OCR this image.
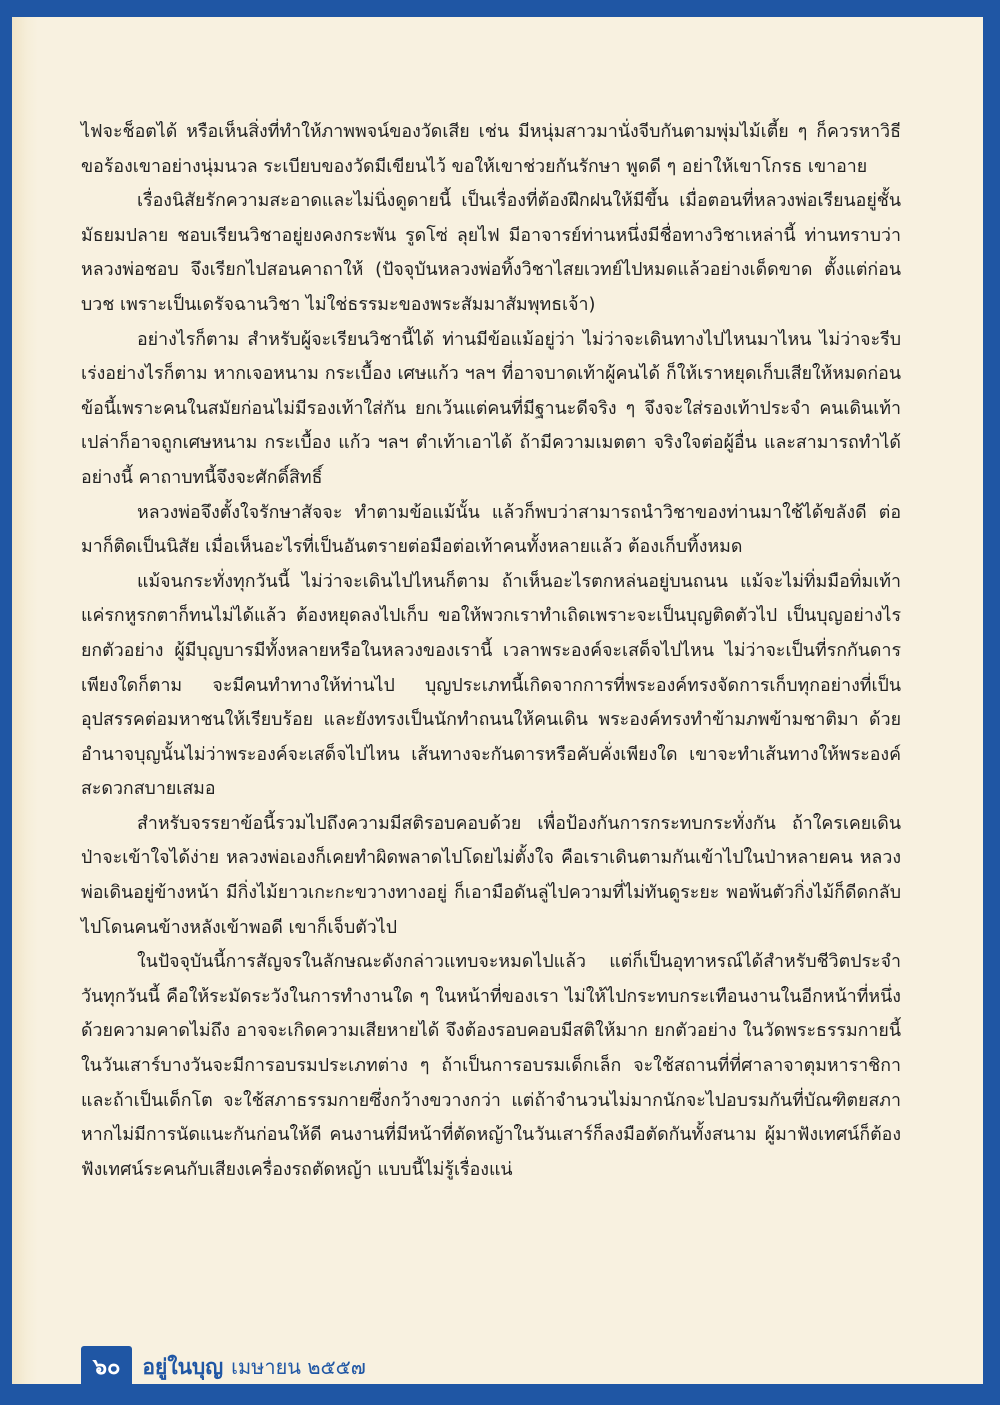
ไฟจะช็อตได้ หรือเห็นสิ่งที่ทำให้ภาพพจน์ของวัดเสีย เช่น มีหนุ่มสาวมานั่งจีบกันตามพุ่มไม้เตี้ย ๆ ก็ควรหาวิธีขอร้องเขาอย่างนุ่มนวล ระเบียบของวัดมีเขียนไว้ ขอให้เขาช่วยกันรักษา พูดดี ๆ อย่าให้เขาโกรธ เขาอาย

เรื่องนิสัยรักความสะอาดและไม่นิ่งดูดายนี้ เป็นเรื่องที่ต้องฝึกฝนให้มีขึ้น เมื่อตอนที่หลวงพ่อเรียนอยู่ชั้นมัธยมปลาย ชอบเรียนวิชาอยู่ยงคงกระพัน รูดโซ่ ลุยไฟ มีอาจารย์ท่านหนึ่งมีชื่อทางวิชาเหล่านี้ ท่านทราบว่าหลวงพ่อชอบ จึงเรียกไปสอนคาถาให้ (ปัจจุบันหลวงพ่อทิ้งวิชาไสยเวทย์ไปหมดแล้วอย่างเด็ดขาด ตั้งแต่ก่อนบวช เพราะเป็นเดรัจฉานวิชา ไม่ใช่ธรรมะของพระสัมมาสัมพุทธเจ้า)

อย่างไรก็ตาม สำหรับผู้จะเรียนวิชานี้ได้ ท่านมีข้อแม้อยู่ว่า ไม่ว่าจะเดินทางไปไหนมาไหน ไม่ว่าจะรีบเร่งอย่างไรก็ตาม หากเจอหนาม กระเบื้อง เศษแก้ว ฯลฯ ที่อาจบาดเท้าผู้คนได้ ก็ให้เราหยุดเก็บเสียให้หมดก่อน ข้อนี้เพราะคนในสมัยก่อนไม่มีรองเท้าใส่กัน ยกเว้นแต่คนที่มีฐานะดีจริง ๆ จึงจะใส่รองเท้าประจำ คนเดินเท้าเปล่าก็อาจถูกเศษหนาม กระเบื้อง แก้ว ฯลฯ ตำเท้าเอาได้ ถ้ามีความเมตตา จริงใจต่อผู้อื่น และสามารถทำได้อย่างนี้ คาถาบทนี้จึงจะศักดิ์สิทธิ์

หลวงพ่อจึงตั้งใจรักษาสัจจะ ทำตามข้อแม้นั้น แล้วก็พบว่าสามารถนำวิชาของท่านมาใช้ได้ขลังดี ต่อมาก็ติดเป็นนิสัย เมื่อเห็นอะไรที่เป็นอันตรายต่อมือต่อเท้าคนทั้งหลายแล้ว ต้องเก็บทิ้งหมด

แม้จนกระทั่งทุกวันนี้ ไม่ว่าจะเดินไปไหนก็ตาม ถ้าเห็นอะไรตกหล่นอยู่บนถนน แม้จะไม่ทิ่มมือทิ่มเท้า แค่รกหูรกตาก็ทนไม่ได้แล้ว ต้องหยุดลงไปเก็บ ขอให้พวกเราทำเถิดเพราะจะเป็นบุญติดตัวไป เป็นบุญอย่างไร ยกตัวอย่าง ผู้มีบุญบารมีทั้งหลายหรือในหลวงของเรานี้ เวลาพระองค์จะเสด็จไปไหน ไม่ว่าจะเป็นที่รกกันดารเพียงใดก็ตาม จะมีคนทำทางให้ท่านไป บุญประเภทนี้เกิดจากการที่พระองค์ทรงจัดการเก็บทุกอย่างที่เป็นอุปสรรคต่อมหาชนให้เรียบร้อย และยังทรงเป็นนักทำถนนให้คนเดิน พระองค์ทรงทำข้ามภพข้ามชาติมา ด้วยอำนาจบุญนั้นไม่ว่าพระองค์จะเสด็จไปไหน เส้นทางจะกันดารหรือคับคั่งเพียงใด เขาจะทำเส้นทางให้พระองค์สะดวกสบายเสมอ

สำหรับจรรยาข้อนี้รวมไปถึงความมีสติรอบคอบด้วย เพื่อป้องกันการกระทบกระทั่งกัน ถ้าใครเคยเดินป่าจะเข้าใจได้ง่าย หลวงพ่อเองก็เคยทำผิดพลาดไปโดยไม่ตั้งใจ คือเราเดินตามกันเข้าไปในป่าหลายคน หลวงพ่อเดินอยู่ข้างหน้า มีกิ่งไม้ยาวเกะกะขวางทางอยู่ ก็เอามือดันลู่ไปความที่ไม่ทันดูระยะ พอพ้นตัวกิ่งไม้ก็ดีดกลับไปโดนคนข้างหลังเข้าพอดี เขาก็เจ็บตัวไป

ในปัจจุบันนี้การสัญจรในลักษณะดังกล่าวแทบจะหมดไปแล้ว แต่ก็เป็นอุทาหรณ์ได้สำหรับชีวิตประจำวันทุกวันนี้ คือให้ระมัดระวังในการทำงานใด ๆ ในหน้าที่ของเรา ไม่ให้ไปกระทบกระเทือนงานในอีกหน้าที่หนึ่งด้วยความคาดไม่ถึง อาจจะเกิดความเสียหายได้ จึงต้องรอบคอบมีสติให้มาก ยกตัวอย่าง ในวัดพระธรรมกายนี้ ในวันเสาร์บางวันจะมีการอบรมประเภทต่าง ๆ ถ้าเป็นการอบรมเด็กเล็ก จะใช้สถานที่ที่ศาลาจาตุมหาราชิกา และถ้าเป็นเด็กโต จะใช้สภาธรรมกายซึ่งกว้างขวางกว่า แต่ถ้าจำนวนไม่มากนักจะไปอบรมกันที่บัณฑิตยสภา หากไม่มีการนัดแนะกันก่อนให้ดี คนงานที่มีหน้าที่ตัดหญ้าในวันเสาร์ก็ลงมือตัดกันทั้งสนาม ผู้มาฟังเทศน์ก็ต้องฟังเทศน์ระคนกับเสียงเครื่องรถตัดหญ้า แบบนี้ไม่รู้เรื่องแน่

๖๐	อยู่ในบุญ เมษายน ๒๕๕๗
